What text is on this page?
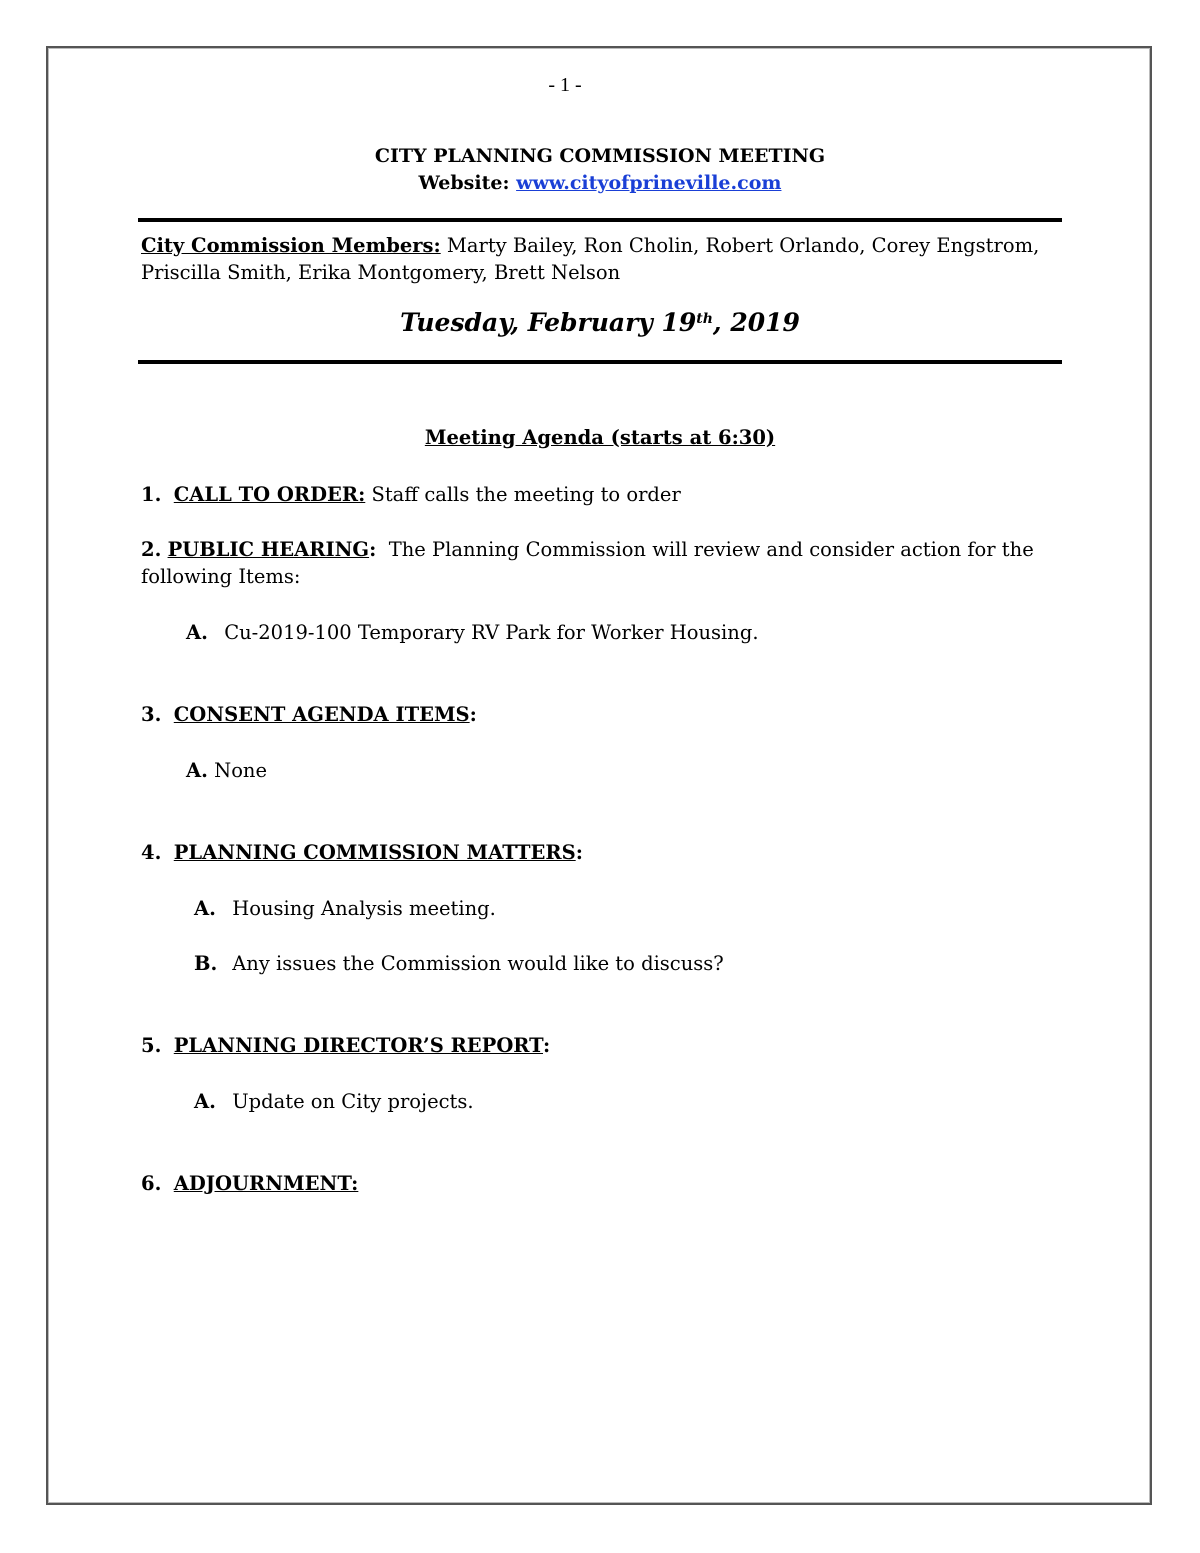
- 1 -
CITY PLANNING COMMISSION MEETING
Website: www.cityofprineville.com
City Commission Members: Marty Bailey, Ron Cholin, Robert Orlando, Corey Engstrom, Priscilla Smith, Erika Montgomery, Brett Nelson
Tuesday, February 19th, 2019
Meeting Agenda (starts at 6:30)
1. CALL TO ORDER: Staff calls the meeting to order
2. PUBLIC HEARING: The Planning Commission will review and consider action for the following Items:
A. Cu-2019-100 Temporary RV Park for Worker Housing.
3. CONSENT AGENDA ITEMS:
A. None
4. PLANNING COMMISSION MATTERS:
A. Housing Analysis meeting.
B. Any issues the Commission would like to discuss?
5. PLANNING DIRECTOR’S REPORT:
A. Update on City projects.
6. ADJOURNMENT:
